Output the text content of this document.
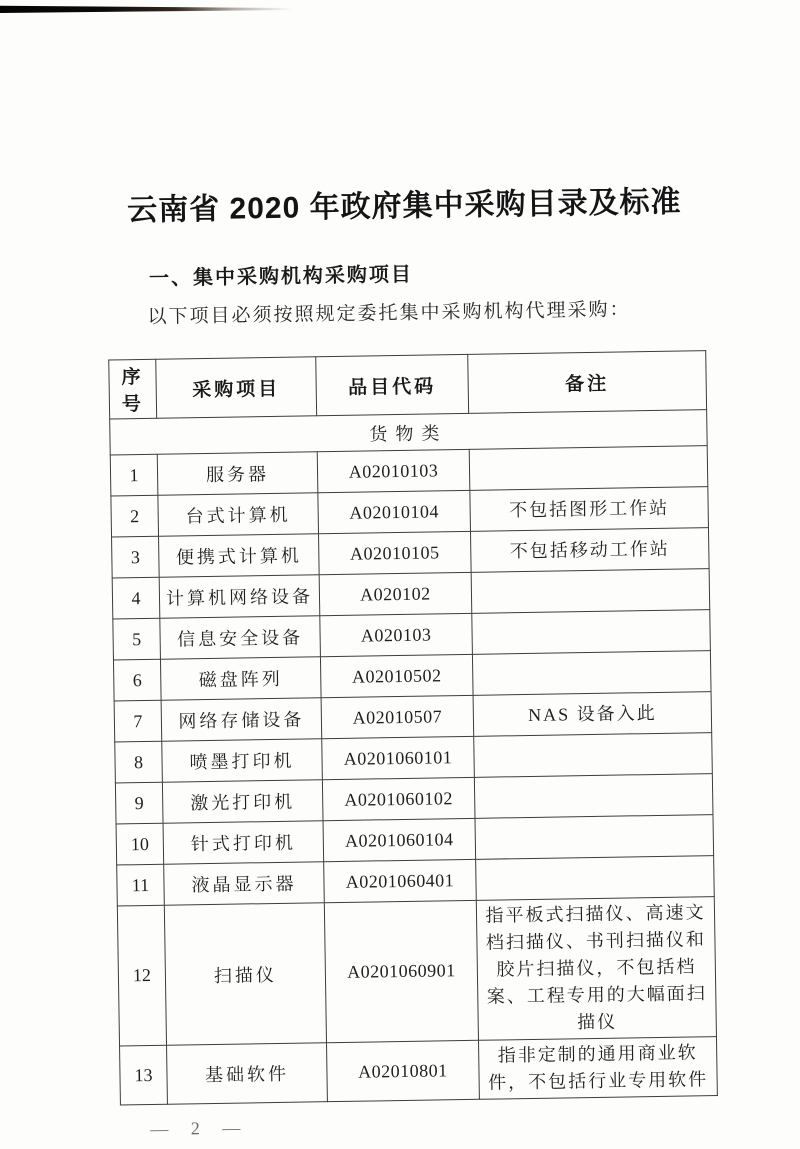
云南省 2020 年政府集中采购目录及标准
一、集中采购机构采购项目

以下项目必须按照规定委托集中采购机构代理采购：

序号	采购项目	品目代码	备注
货物类			
1	服务器	A02010103	
2	台式计算机	A02010104	不包括图形工作站
3	便携式计算机	A02010105	不包括移动工作站
4	计算机网络设备	A020102	
5	信息安全设备	A020103	
6	磁盘阵列	A02010502	
7	网络存储设备	A02010507	NAS 设备入此
8	喷墨打印机	A0201060101	
9	激光打印机	A0201060102	
10	针式打印机	A0201060104	
11	液晶显示器	A0201060401	
12	扫描仪	A0201060901	指平板式扫描仪、高速文档扫描仪、书刊扫描仪和胶片扫描仪，不包括档案、工程专用的大幅面扫描仪
13	基础软件	A02010801	指非定制的通用商业软件，不包括行业专用软件
— 2 —
